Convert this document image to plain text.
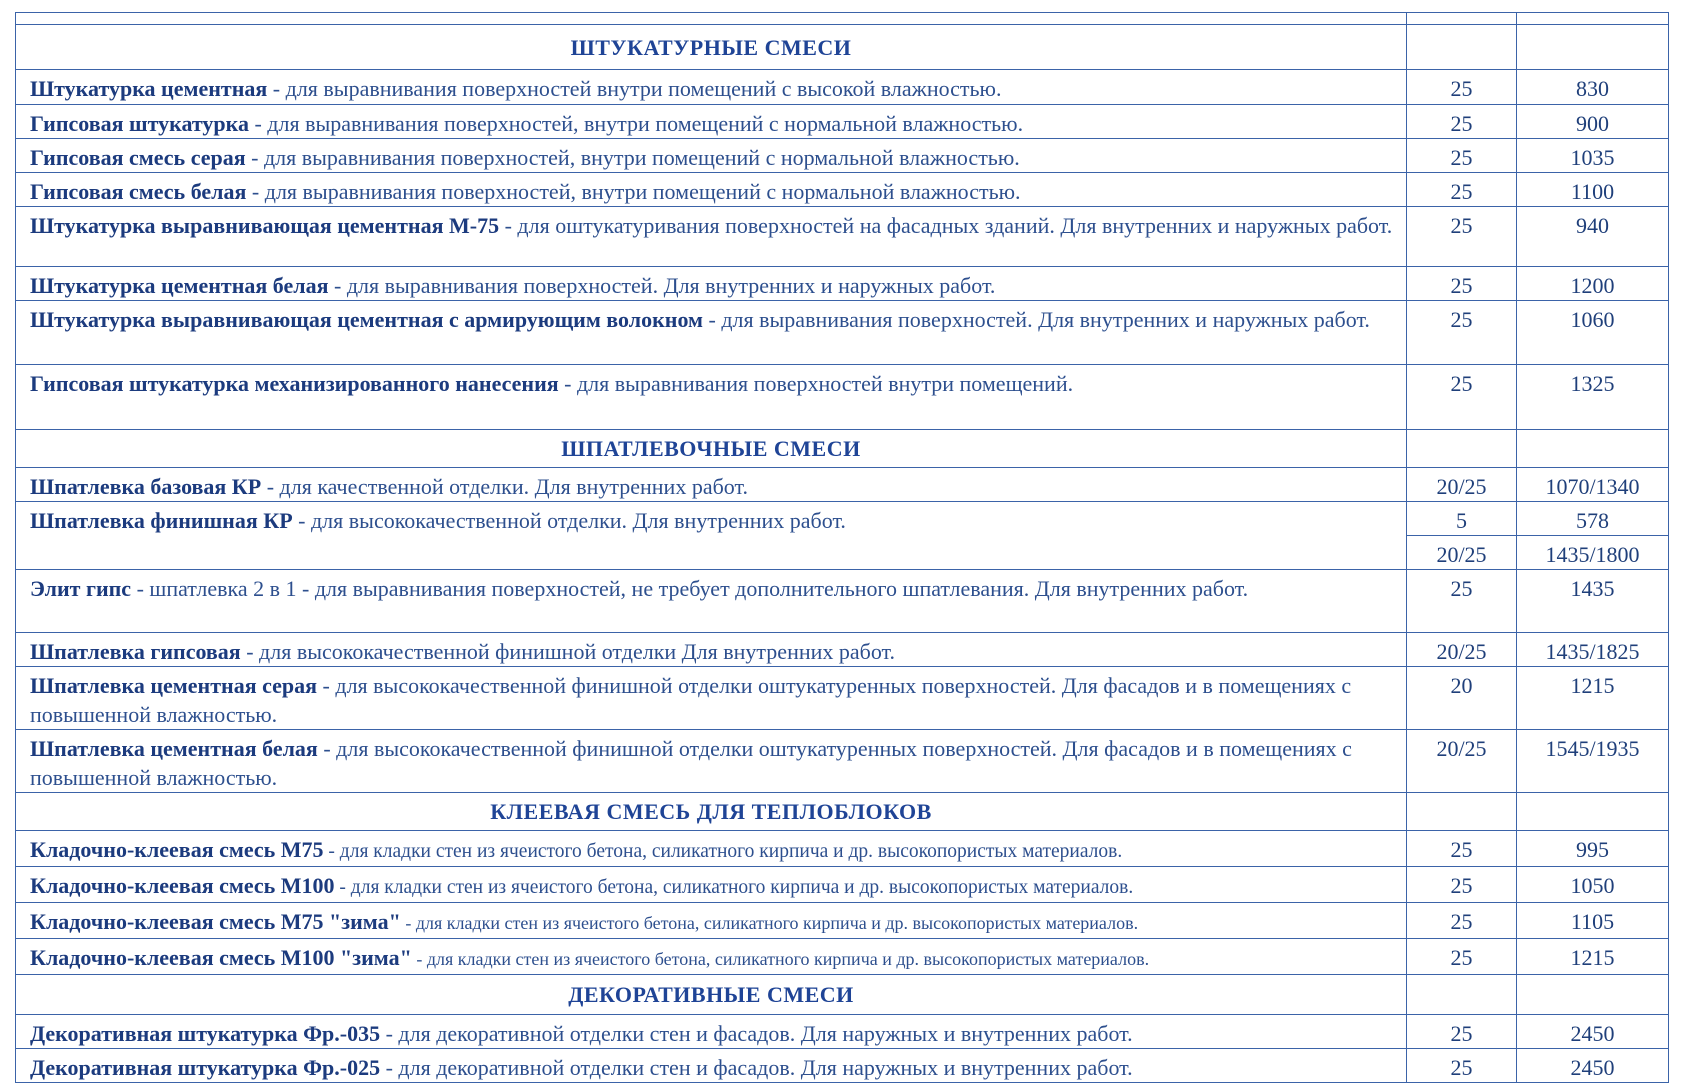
ШТУКАТУРНЫЕ СМЕСИ		
Штукатурка цементная - для выравнивания поверхностей внутри помещений с высокой влажностью.	25	830
Гипсовая штукатурка - для выравнивания поверхностей, внутри помещений с нормальной влажностью.	25	900
Гипсовая смесь серая - для выравнивания поверхностей, внутри помещений с нормальной влажностью.	25	1035
Гипсовая смесь белая - для выравнивания поверхностей, внутри помещений с нормальной влажностью.	25	1100
Штукатурка выравнивающая цементная М-75 - для оштукатуривания поверхностей на фасадных зданий. Для внутренних и наружных работ.	25	940
Штукатурка цементная белая - для выравнивания поверхностей. Для внутренних и наружных работ.	25	1200
Штукатурка выравнивающая цементная с армирующим волокном - для выравнивания поверхностей. Для внутренних и наружных работ.	25	1060
Гипсовая штукатурка механизированного нанесения - для выравнивания поверхностей внутри помещений.	25	1325
ШПАТЛЕВОЧНЫЕ СМЕСИ		
Шпатлевка базовая КР - для качественной отделки. Для внутренних работ.	20/25	1070/1340
Шпатлевка финишная КР - для высококачественной отделки. Для внутренних работ.	5	578
	20/25	1435/1800
Элит гипс - шпатлевка 2 в 1 - для выравнивания поверхностей, не требует дополнительного шпатлевания. Для внутренних работ.	25	1435
Шпатлевка гипсовая - для высококачественной финишной отделки Для внутренних работ.	20/25	1435/1825
Шпатлевка цементная серая - для высококачественной финишной отделки оштукатуренных поверхностей. Для фасадов и в помещениях с повышенной влажностью.	20	1215
Шпатлевка цементная белая - для высококачественной финишной отделки оштукатуренных поверхностей. Для фасадов и в помещениях с повышенной влажностью.	20/25	1545/1935
КЛЕЕВАЯ СМЕСЬ ДЛЯ ТЕПЛОБЛОКОВ		
Кладочно-клеевая смесь М75 - для кладки стен из ячеистого бетона, силикатного кирпича и др. высокопористых материалов.	25	995
Кладочно-клеевая смесь М100 - для кладки стен из ячеистого бетона, силикатного кирпича и др. высокопористых материалов.	25	1050
Кладочно-клеевая смесь М75 "зима" - для кладки стен из ячеистого бетона, силикатного кирпича и др. высокопористых материалов.	25	1105
Кладочно-клеевая смесь М100 "зима" - для кладки стен из ячеистого бетона, силикатного кирпича и др. высокопористых материалов.	25	1215
ДЕКОРАТИВНЫЕ СМЕСИ		
Декоративная штукатурка Фр.-035 - для декоративной отделки стен и фасадов. Для наружных и внутренних работ.	25	2450
Декоративная штукатурка Фр.-025 - для декоративной отделки стен и фасадов. Для наружных и внутренних работ.	25	2450
